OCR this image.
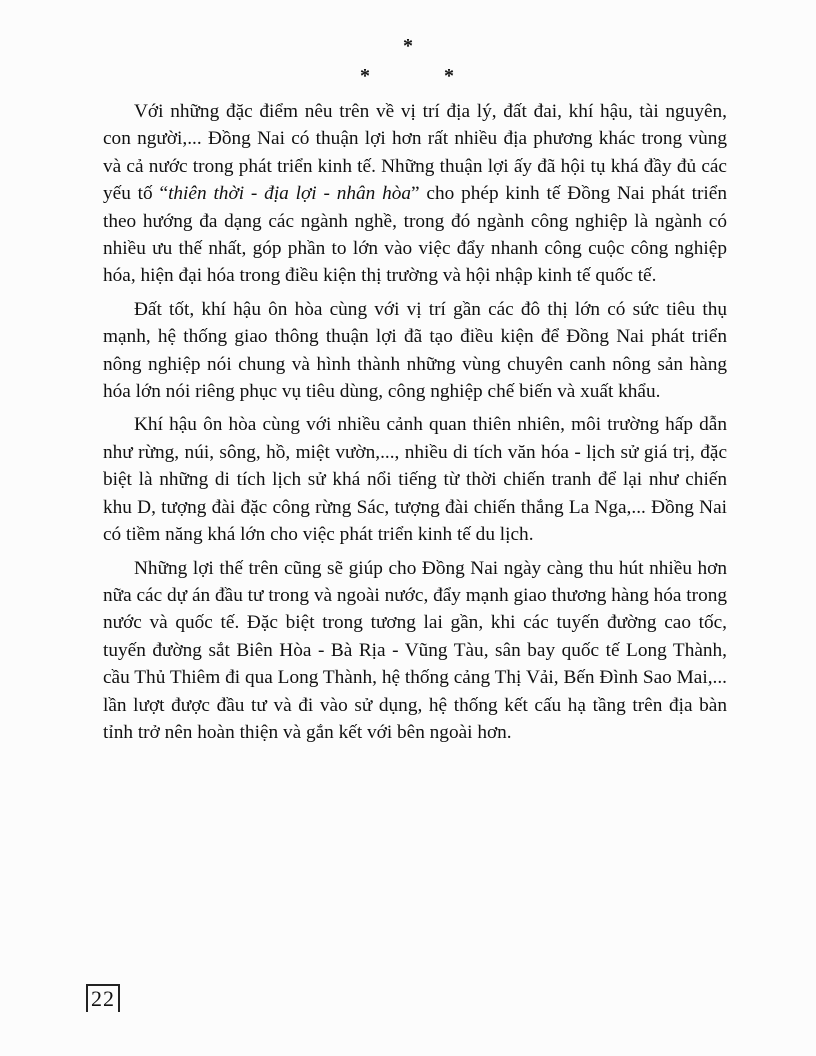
*
*	*

Với những đặc điểm nêu trên về vị trí địa lý, đất đai, khí hậu, tài nguyên, con người,... Đồng Nai có thuận lợi hơn rất nhiều địa phương khác trong vùng và cả nước trong phát triển kinh tế. Những thuận lợi ấy đã hội tụ khá đầy đủ các yếu tố “thiên thời - địa lợi - nhân hòa” cho phép kinh tế Đồng Nai phát triển theo hướng đa dạng các ngành nghề, trong đó ngành công nghiệp là ngành có nhiều ưu thế nhất, góp phần to lớn vào việc đẩy nhanh công cuộc công nghiệp hóa, hiện đại hóa trong điều kiện thị trường và hội nhập kinh tế quốc tế.

Đất tốt, khí hậu ôn hòa cùng với vị trí gần các đô thị lớn có sức tiêu thụ mạnh, hệ thống giao thông thuận lợi đã tạo điều kiện để Đồng Nai phát triển nông nghiệp nói chung và hình thành những vùng chuyên canh nông sản hàng hóa lớn nói riêng phục vụ tiêu dùng, công nghiệp chế biến và xuất khẩu.

Khí hậu ôn hòa cùng với nhiều cảnh quan thiên nhiên, môi trường hấp dẫn như rừng, núi, sông, hồ, miệt vườn,..., nhiều di tích văn hóa - lịch sử giá trị, đặc biệt là những di tích lịch sử khá nổi tiếng từ thời chiến tranh để lại như chiến khu D, tượng đài đặc công rừng Sác, tượng đài chiến thắng La Nga,... Đồng Nai có tiềm năng khá lớn cho việc phát triển kinh tế du lịch.

Những lợi thế trên cũng sẽ giúp cho Đồng Nai ngày càng thu hút nhiều hơn nữa các dự án đầu tư trong và ngoài nước, đẩy mạnh giao thương hàng hóa trong nước và quốc tế. Đặc biệt trong tương lai gần, khi các tuyến đường cao tốc, tuyến đường sắt Biên Hòa - Bà Rịa - Vũng Tàu, sân bay quốc tế Long Thành, cầu Thủ Thiêm đi qua Long Thành, hệ thống cảng Thị Vải, Bến Đình Sao Mai,... lần lượt được đầu tư và đi vào sử dụng, hệ thống kết cấu hạ tầng trên địa bàn tỉnh trở nên hoàn thiện và gắn kết với bên ngoài hơn.

22
